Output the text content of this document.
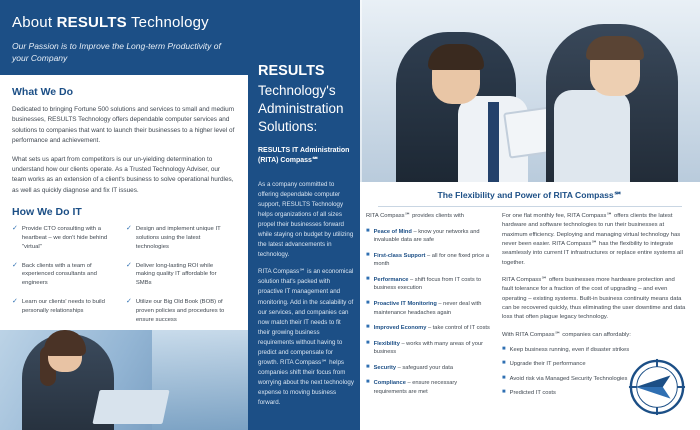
About RESULTS Technology
Our Passion is to Improve the Long-term Productivity of your Company
What We Do

Dedicated to bringing Fortune 500 solutions and services to small and medium businesses, RESULTS Technology offers dependable computer services and solutions to companies that want to launch their businesses to a higher level of performance and achievement.

What sets us apart from competitors is our un-yielding determination to understand how our clients operate. As a Trusted Technology Adviser, our team works as an extension of a client's business to solve operational hurdles, as well as quickly diagnose and fix IT issues.

How We Do IT
✓ Provide CTO consulting with a heartbeat – we don't hide behind "virtual"
✓ Back clients with a team of experienced consultants and engineers
✓ Learn our clients' needs to build personally relationships
✓ Design and implement unique IT solutions using the latest technologies
✓ Deliver long-lasting ROI while making quality IT affordable for SMBs
✓ Utilize our Big Old Book (BOB) of proven policies and procedures to ensure success
RESULTS
Technology's Administration Solutions:
RESULTS IT Administration (RITA) Compass℠

As a company committed to offering dependable computer support, RESULTS Technology helps organizations of all sizes propel their businesses forward while staying on budget by utilizing the latest advancements in technology.

RITA Compass℠ is an economical solution that's packed with proactive IT management and monitoring. Add in the scalability of our services, and companies can now match their IT needs to fit their growing business requirements without having to predict and compensate for growth. RITA Compass℠ helps companies shift their focus from worrying about the next technology expense to moving business forward.

The Flexibility and Power of RITA Compass℠

RITA Compass℠ provides clients with

■ Peace of Mind – know your networks and invaluable data are safe
■ First-class Support – all for one fixed price a month
■ Performance – shift focus from IT costs to business execution
■ Proactive IT Monitoring – never deal with maintenance headaches again
■ Improved Economy – take control of IT costs
■ Flexibility – works with many areas of your business
■ Security – safeguard your data
■ Compliance – ensure necessary requirements are met

For one flat monthly fee, RITA Compass℠ offers clients the latest hardware and software technologies to run their businesses at maximum efficiency. Deploying and managing virtual technology has never been easier. RITA Compass℠ has the flexibility to integrate seamlessly into current IT infrastructures or replace entire systems all together.

RITA Compass℠ offers businesses more hardware protection and fault tolerance for a fraction of the cost of upgrading – and even operating – existing systems. Built-in business continuity means data can be recovered quickly, thus eliminating the user downtime and data loss that often plague legacy technology.

With RITA Compass℠ companies can affordably:

■ Keep business running, even if disaster strikes
■ Upgrade their IT performance
■ Avoid risk via Managed Security Technologies
■ Predicted IT costs
